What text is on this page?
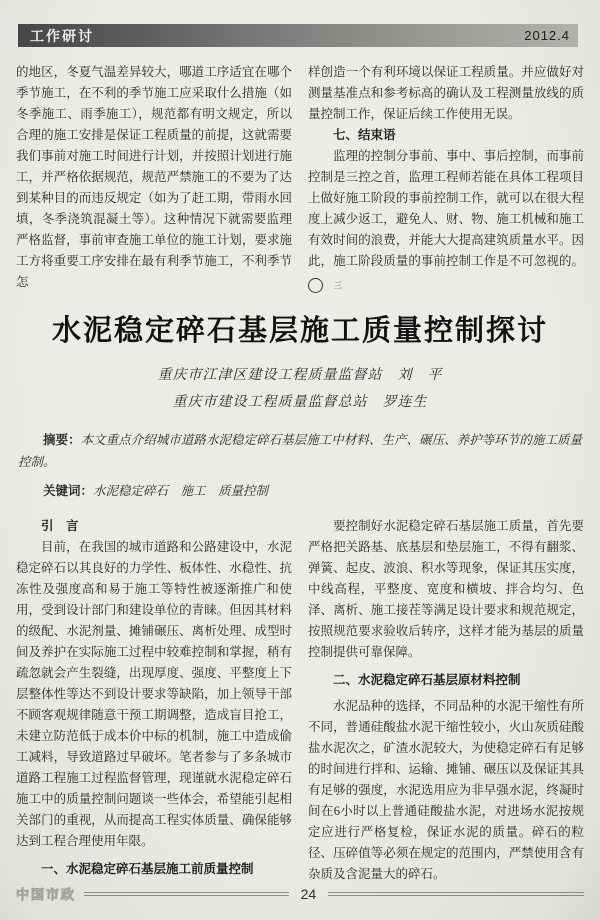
工作研讨	2012.4

的地区，冬夏气温差异较大，哪道工序适宜在哪个季节施工，在不利的季节施工应采取什么措施（如冬季施工、雨季施工），规范都有明文规定，所以合理的施工安排是保证工程质量的前提，这就需要我们事前对施工时间进行计划，并按照计划进行施工，并严格依据规范，规范严禁施工的不要为了达到某种目的而违反规定（如为了赶工期，带雨水回填，冬季浇筑混凝土等）。这种情况下就需要监理严格监督，事前审查施工单位的施工计划，要求施工方将重要工序安排在最有利季节施工，不利季节怎

样创造一个有利环境以保证工程质量。并应做好对测量基准点和参考标高的确认及工程测量放线的质量控制工作，保证后续工作使用无误。

七、结束语

监理的控制分事前、事中、事后控制，而事前控制是三控之首，监理工程师若能在具体工程项目上做好施工阶段的事前控制工作，就可以在很大程度上减少返工，避免人、财、物、施工机械和施工有效时间的浪费，并能大大提高建筑质量水平。因此，施工阶段质量的事前控制工作是不可忽视的。三

水泥稳定碎石基层施工质量控制探讨

重庆市江津区建设工程质量监督站　刘　平

重庆市建设工程质量监督总站　罗连生

摘要：本文重点介绍城市道路水泥稳定碎石基层施工中材料、生产、碾压、养护等环节的施工质量控制。

关键词：水泥稳定碎石　施工　质量控制

引　言

目前，在我国的城市道路和公路建设中，水泥稳定碎石以其良好的力学性、板体性、水稳性、抗冻性及强度高和易于施工等特性被逐渐推广和使用，受到设计部门和建设单位的青睐。但因其材料的级配、水泥剂量、摊铺碾压、离析处理、成型时间及养护在实际施工过程中较难控制和掌握，稍有疏忽就会产生裂缝，出现厚度、强度、平整度上下层整体性等达不到设计要求等缺陷，加上领导干部不顾客观规律随意干预工期调整，造成盲目抢工，未建立防范低于成本价中标的机制，施工中造成偷工减料，导致道路过早破坏。笔者参与了多条城市道路工程施工过程监督管理，现谨就水泥稳定碎石施工中的质量控制问题谈一些体会，希望能引起相关部门的重视，从而提高工程实体质量、确保能够达到工程合理使用年限。

一、水泥稳定碎石基层施工前质量控制

要控制好水泥稳定碎石基层施工质量，首先要严格把关路基、底基层和垫层施工，不得有翻浆、弹簧、起皮、波浪、积水等现象，保证其压实度，中线高程，平整度、宽度和横坡、拌合均匀、色泽、离析、施工接茬等满足设计要求和规范规定，按照规范要求验收后转序，这样才能为基层的质量控制提供可靠保障。

二、水泥稳定碎石基层原材料控制

水泥品种的选择，不同品种的水泥干缩性有所不同，普通硅酸盐水泥干缩性较小，火山灰质硅酸盐水泥次之，矿渣水泥较大，为使稳定碎石有足够的时间进行拌和、运输、摊铺、碾压以及保证其具有足够的强度，水泥选用应为非早强水泥，终凝时间在6小时以上普通硅酸盐水泥，对进场水泥按规定应进行严格复检，保证水泥的质量。碎石的粒径、压碎值等必须在规定的范围内，严禁使用含有杂质及含泥量大的碎石。

中国市政	24
